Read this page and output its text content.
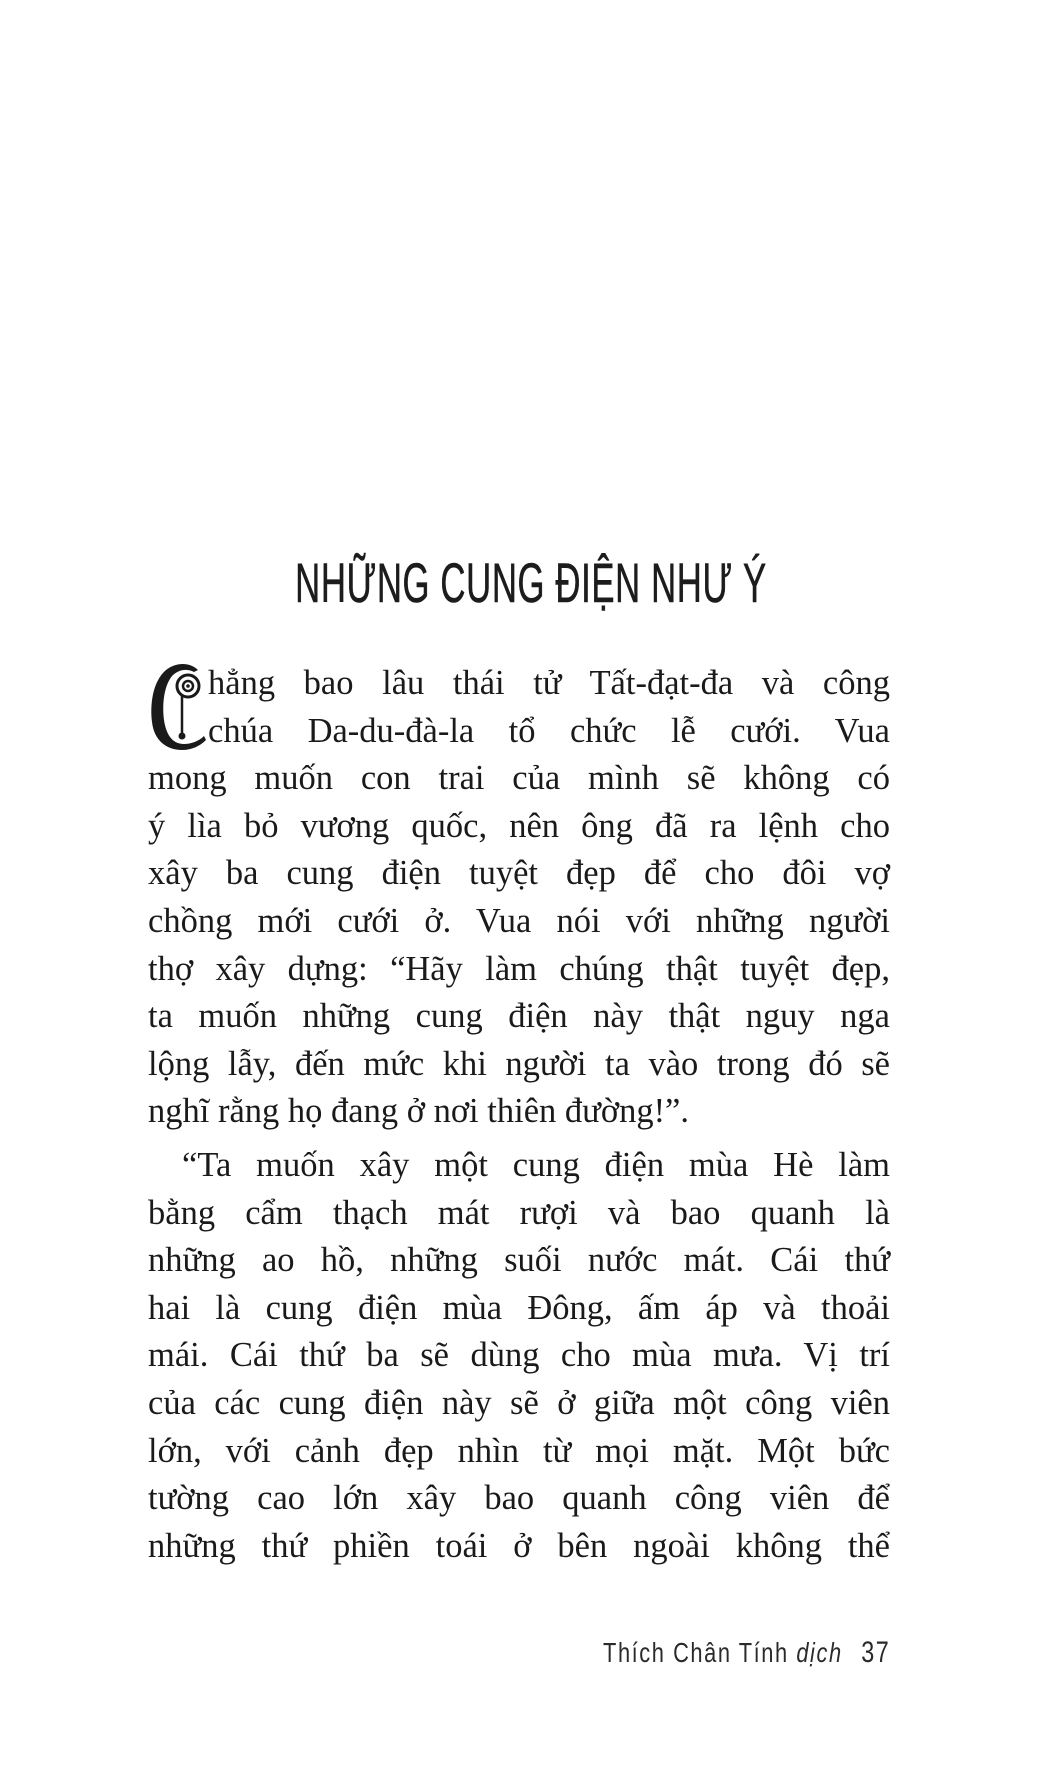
NHỮNG CUNG ĐIỆN NHƯ Ý
hẳng bao lâu thái tử Tất-đạt-đa và công
chúa Da-du-đà-la tổ chức lễ cưới. Vua
mong muốn con trai của mình sẽ không có
ý lìa bỏ vương quốc, nên ông đã ra lệnh cho
xây ba cung điện tuyệt đẹp để cho đôi vợ
chồng mới cưới ở. Vua nói với những người
thợ xây dựng: “Hãy làm chúng thật tuyệt đẹp,
ta muốn những cung điện này thật nguy nga
lộng lẫy, đến mức khi người ta vào trong đó sẽ
nghĩ rằng họ đang ở nơi thiên đường!”.
“Ta muốn xây một cung điện mùa Hè làm
bằng cẩm thạch mát rượi và bao quanh là
những ao hồ, những suối nước mát. Cái thứ
hai là cung điện mùa Đông, ấm áp và thoải
mái. Cái thứ ba sẽ dùng cho mùa mưa. Vị trí
của các cung điện này sẽ ở giữa một công viên
lớn, với cảnh đẹp nhìn từ mọi mặt. Một bức
tường cao lớn xây bao quanh công viên để
những thứ phiền toái ở bên ngoài không thể
Thích Chân Tính dịch 37
